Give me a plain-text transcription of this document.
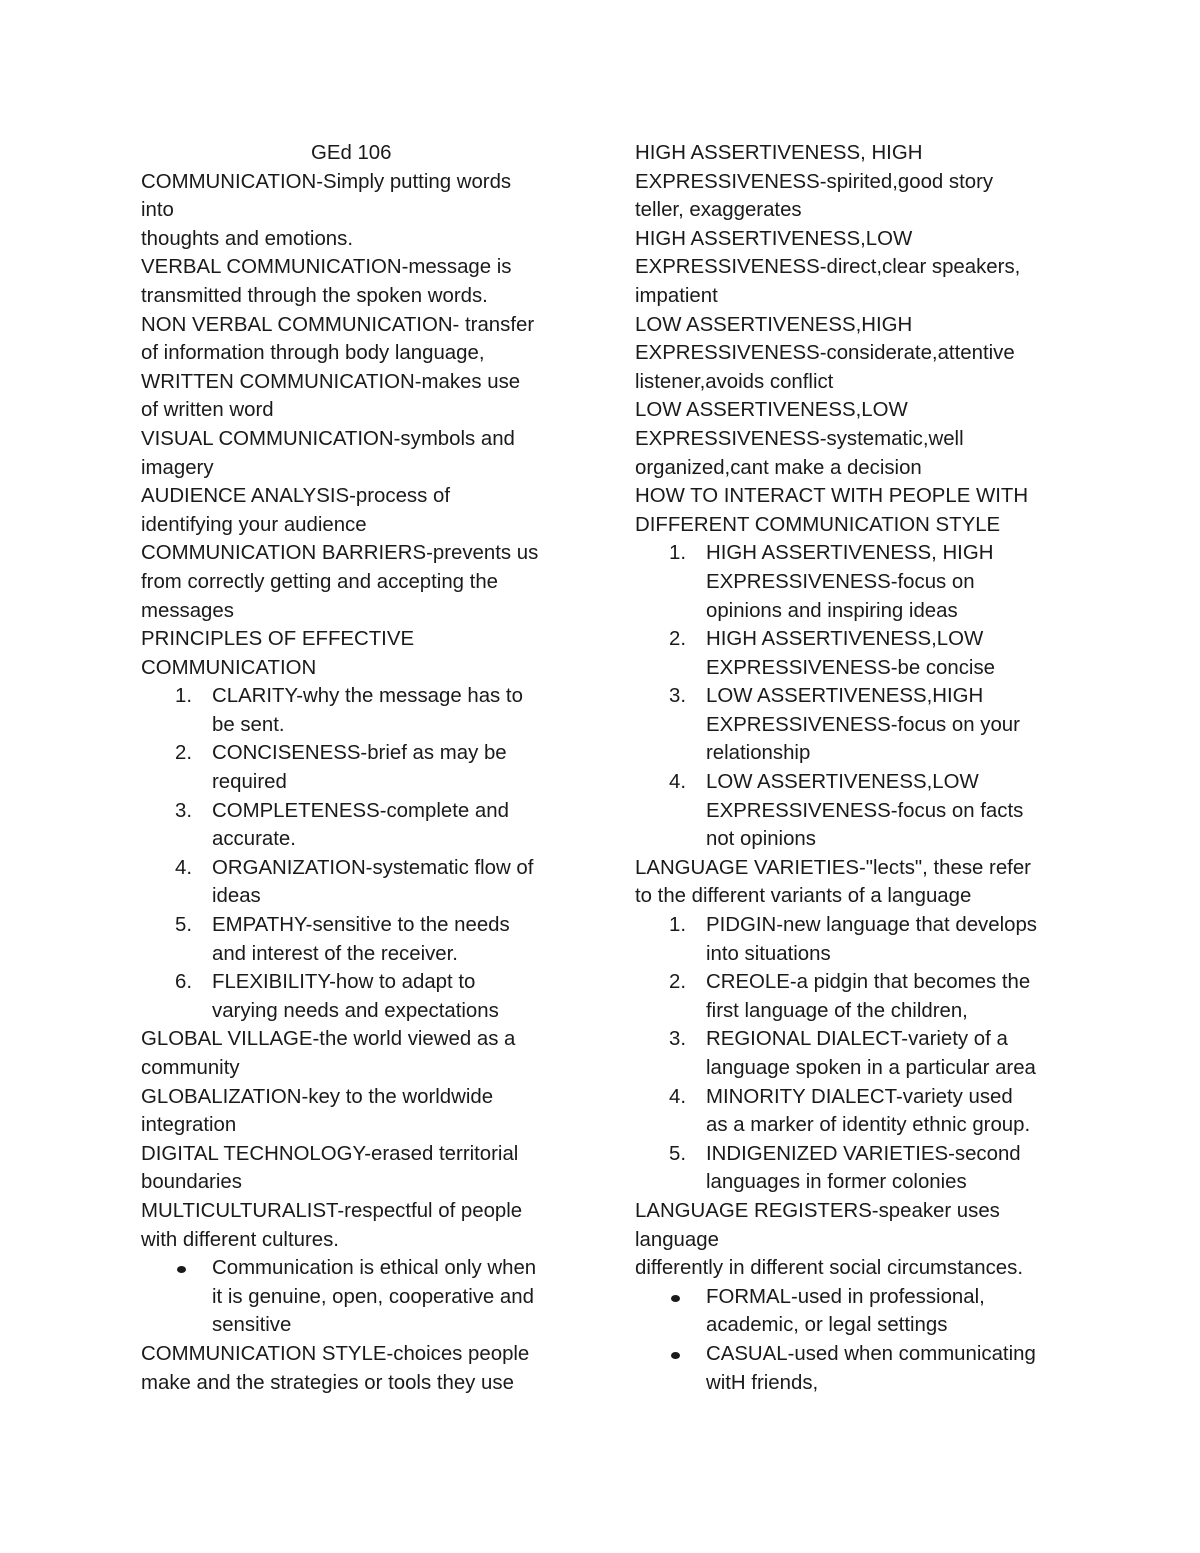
GEd 106
COMMUNICATION-Simply putting words
into
thoughts and emotions.
VERBAL COMMUNICATION-message is
transmitted through the spoken words.
NON VERBAL COMMUNICATION- transfer
of information through body language,
WRITTEN COMMUNICATION-makes use
of written word
VISUAL COMMUNICATION-symbols and
imagery
AUDIENCE ANALYSIS-process of
identifying your audience
COMMUNICATION BARRIERS-prevents us
from correctly getting and accepting the
messages
PRINCIPLES OF EFFECTIVE
COMMUNICATION
1. CLARITY-why the message has to
be sent.
2. CONCISENESS-brief as may be
required
3. COMPLETENESS-complete and
accurate.
4. ORGANIZATION-systematic flow of
ideas
5. EMPATHY-sensitive to the needs
and interest of the receiver.
6. FLEXIBILITY-how to adapt to
varying needs and expectations
GLOBAL VILLAGE-the world viewed as a
community
GLOBALIZATION-key to the worldwide
integration
DIGITAL TECHNOLOGY-erased territorial
boundaries
MULTICULTURALIST-respectful of people
with different cultures.
Communication is ethical only when
it is genuine, open, cooperative and
sensitive
COMMUNICATION STYLE-choices people
make and the strategies or tools they use
HIGH ASSERTIVENESS, HIGH
EXPRESSIVENESS-spirited,good story
teller, exaggerates
HIGH ASSERTIVENESS,LOW
EXPRESSIVENESS-direct,clear speakers,
impatient
LOW ASSERTIVENESS,HIGH
EXPRESSIVENESS-considerate,attentive
listener,avoids conflict
LOW ASSERTIVENESS,LOW
EXPRESSIVENESS-systematic,well
organized,cant make a decision
HOW TO INTERACT WITH PEOPLE WITH
DIFFERENT COMMUNICATION STYLE
1. HIGH ASSERTIVENESS, HIGH
EXPRESSIVENESS-focus on
opinions and inspiring ideas
2. HIGH ASSERTIVENESS,LOW
EXPRESSIVENESS-be concise
3. LOW ASSERTIVENESS,HIGH
EXPRESSIVENESS-focus on your
relationship
4. LOW ASSERTIVENESS,LOW
EXPRESSIVENESS-focus on facts
not opinions
LANGUAGE VARIETIES-"lects", these refer
to the different variants of a language
1. PIDGIN-new language that develops
into situations
2. CREOLE-a pidgin that becomes the
first language of the children,
3. REGIONAL DIALECT-variety of a
language spoken in a particular area
4. MINORITY DIALECT-variety used
as a marker of identity ethnic group.
5. INDIGENIZED VARIETIES-second
languages in former colonies
LANGUAGE REGISTERS-speaker uses
language
differently in different social circumstances.
FORMAL-used in professional,
academic, or legal settings
CASUAL-used when communicating
witH friends,
